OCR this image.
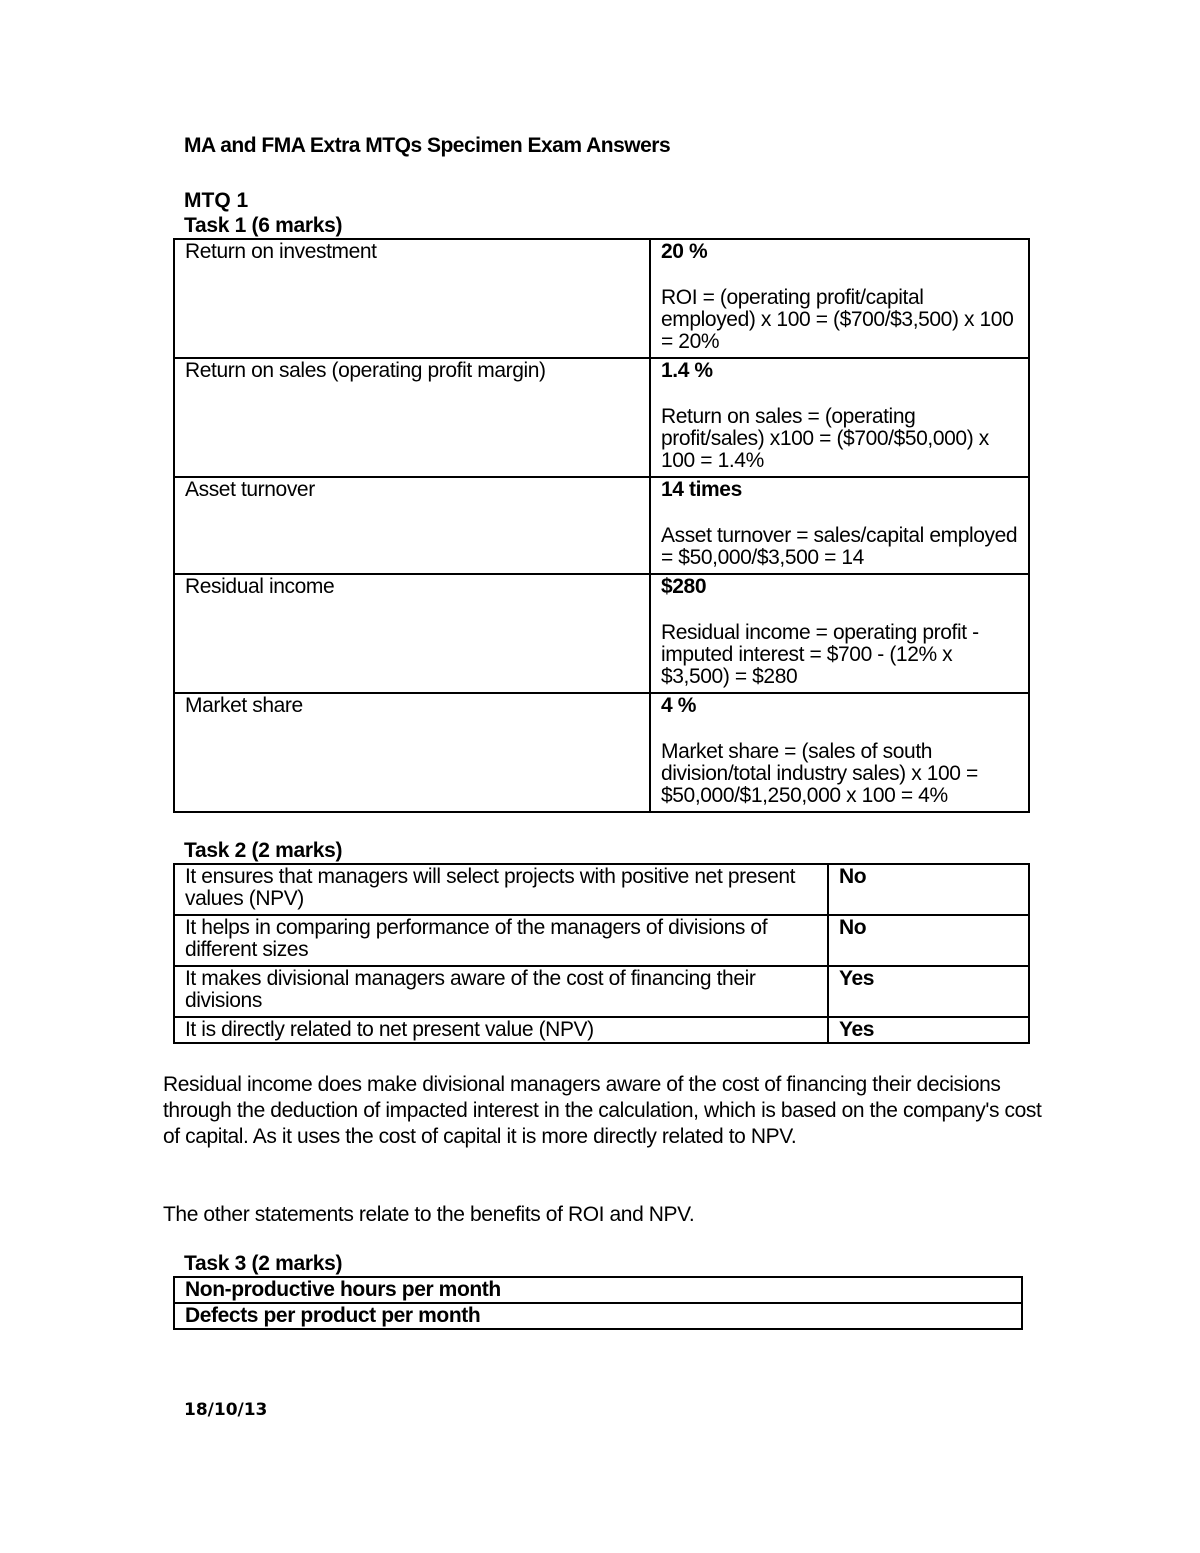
MA and FMA Extra MTQs Specimen Exam Answers
MTQ 1
Task 1 (6 marks)
Return on investment	20 %
ROI = (operating profit/capital employed) x 100 = ($700/$3,500) x 100 = 20%

Return on sales (operating profit margin)	1.4 %
Return on sales = (operating profit/sales) x100 = ($700/$50,000) x 100 = 1.4%

Asset turnover	14 times
Asset turnover = sales/capital employed = $50,000/$3,500 = 14

Residual income	$280
Residual income = operating profit - imputed interest = $700 - (12% x $3,500) = $280

Market share	4 %
Market share = (sales of south division/total industry sales) x 100 = $50,000/$1,250,000 x 100 = 4%
Task 2 (2 marks)
It ensures that managers will select projects with positive net present values (NPV)	No
It helps in comparing performance of the managers of divisions of different sizes	No
It makes divisional managers aware of the cost of financing their divisions	Yes
It is directly related to net present value (NPV)	Yes
Residual income does make divisional managers aware of the cost of financing their decisions through the deduction of impacted interest in the calculation, which is based on the company's cost of capital. As it uses the cost of capital it is more directly related to NPV.
The other statements relate to the benefits of ROI and NPV.
Task 3 (2 marks)
Non-productive hours per month
Defects per product per month
18/10/13
